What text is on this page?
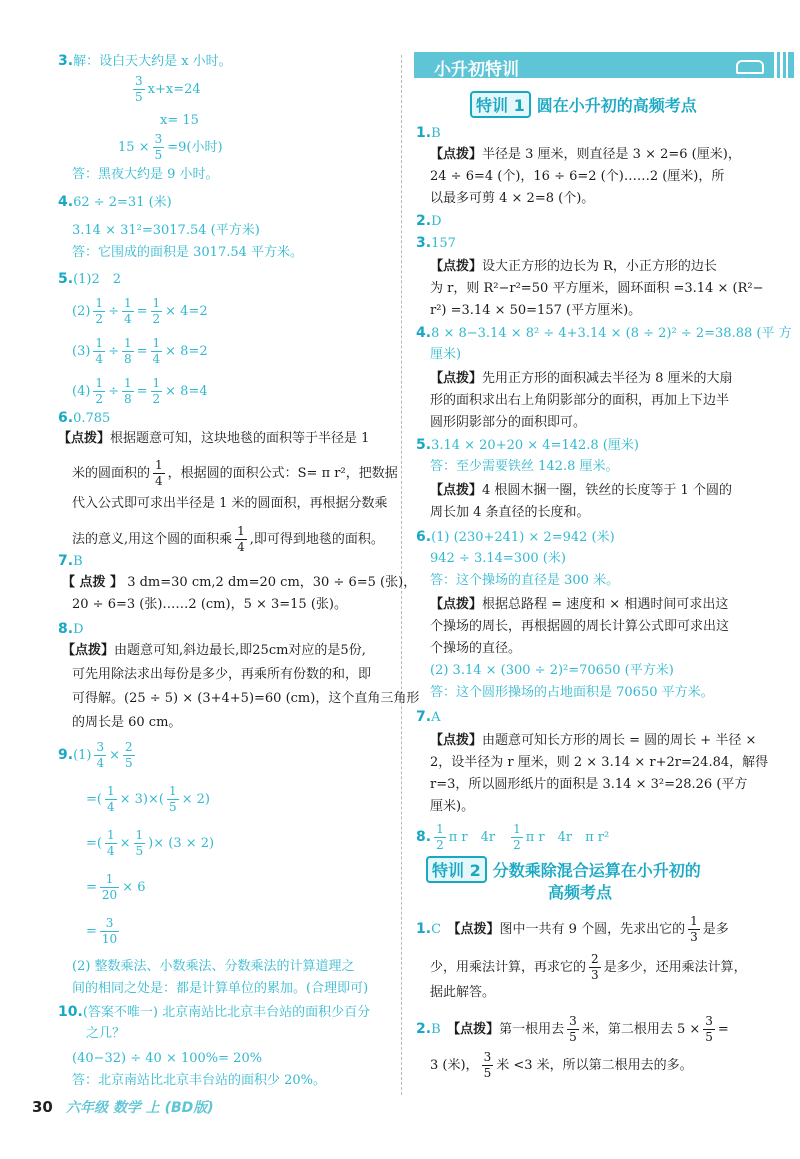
3.解：设白天大约是 x 小时。
$\frac{3}{5} x+x=24$
x= 15
$15 \times \frac{3}{5} =9$(小时)
答：黑夜大约是 9 小时。
4.62 ÷ 2=31 (米)
3.14 × 31²=3017.54 (平方米)
答：它围成的面积是 3017.54 平方米。
5.(1)2　2
$(2) \frac{1}{2} \div \frac{1}{4} = \frac{1}{2} \times 4=2$
$(3) \frac{1}{4} \div \frac{1}{8} = \frac{1}{4} \times 8=2$
$(4) \frac{1}{2} \div \frac{1}{8} = \frac{1}{2} \times 8=4$
6.0.785
【点拨】根据题意可知，这块地毯的面积等于半径是 1
米的圆面积的 $\frac{1}{4}$ ，根据圆的面积公式：S= π r²，把数据
代入公式即可求出半径是 1 米的圆面积，再根据分数乘
法的意义,用这个圆的面积乘 $\frac{1}{4}$ ,即可得到地毯的面积。
7.B
【 点拨 】 3 dm=30 cm,2 dm=20 cm，30 ÷ 6=5 (张)，
20 ÷ 6=3 (张)……2 (cm)，5 × 3=15 (张)。
8.D
【点拨】由题意可知,斜边最长,即25cm对应的是5份,
可先用除法求出每份是多少，再乘所有份数的和，即
可得解。(25 ÷ 5) × (3+4+5)=60 (cm)，这个直角三角形
的周长是 60 cm。
$9.(1) \frac{3}{4} \times \frac{2}{5}$
=( $\frac{1}{4} \times 3)\times( \frac{1}{5} \times 2)$
=( $\frac{1}{4} \times \frac{1}{5}$ )× (3 × 2)
= $\frac{1}{20} \times 6$
= $\frac{3}{10}$
(2) 整数乘法、小数乘法、分数乘法的计算道理之
间的相同之处是：都是计算单位的累加。(合理即可)
10.(答案不唯一) 北京南站比北京丰台站的面积少百分
之几？
(40−32) ÷ 40 × 100%= 20%
答：北京南站比北京丰台站的面积少 20%。
小升初特训
特训 1 圆在小升初的高频考点
1.B
【点拨】半径是 3 厘米，则直径是 3 × 2=6 (厘米)，
24 ÷ 6=4 (个)，16 ÷ 6=2 (个)……2 (厘米)，所
以最多可剪 4 × 2=8 (个)。
2.D
3.157
【点拨】设大正方形的边长为 R，小正方形的边长
为 r，则 R²−r²=50 平方厘米，圆环面积 =3.14 × (R²−
r²) =3.14 × 50=157 (平方厘米)。
4.8 × 8−3.14 × 8² ÷ 4+3.14 × (8 ÷ 2)² ÷ 2=38.88 (平 方
厘米)
【点拨】先用正方形的面积减去半径为 8 厘米的大扇
形的面积求出右上角阴影部分的面积，再加上下边半
圆形阴影部分的面积即可。
5.3.14 × 20+20 × 4=142.8 (厘米)
答：至少需要铁丝 142.8 厘米。
【点拨】4 根圆木捆一圈，铁丝的长度等于 1 个圆的
周长加 4 条直径的长度和。
6.(1) (230+241) × 2=942 (米)
942 ÷ 3.14=300 (米)
答：这个操场的直径是 300 米。
【点拨】根据总路程 = 速度和 × 相遇时间可求出这
个操场的周长，再根据圆的周长计算公式即可求出这
个操场的直径。
(2) 3.14 × (300 ÷ 2)²=70650 (平方米)
答：这个圆形操场的占地面积是 70650 平方米。
7.A
【点拨】由题意可知长方形的周长 = 圆的周长 + 半径 ×
2，设半径为 r 厘米，则 2 × 3.14 × r+2r=24.84，解得
r=3，所以圆形纸片的面积是 3.14 × 3²=28.26 (平方
厘米)。
8. $\frac{1}{2}$ π r　4r　 $\frac{1}{2}$ π r　4r　π r²
特训 2 分数乘除混合运算在小升初的
高频考点
1.C　 【点拨】图中一共有 9 个圆，先求出它的 $\frac{1}{3}$ 是多
少，用乘法计算，再求它的 $\frac{2}{3}$ 是多少，还用乘法计算，
据此解答。
2.B　 【点拨】第一根用去 $\frac{3}{5}$ 米，第二根用去 $5 \times \frac{3}{5}$ =
3 (米)， $\frac{3}{5}$ 米 <3 米，所以第二根用去的多。
30 六年级 数学 上 (BD版)
